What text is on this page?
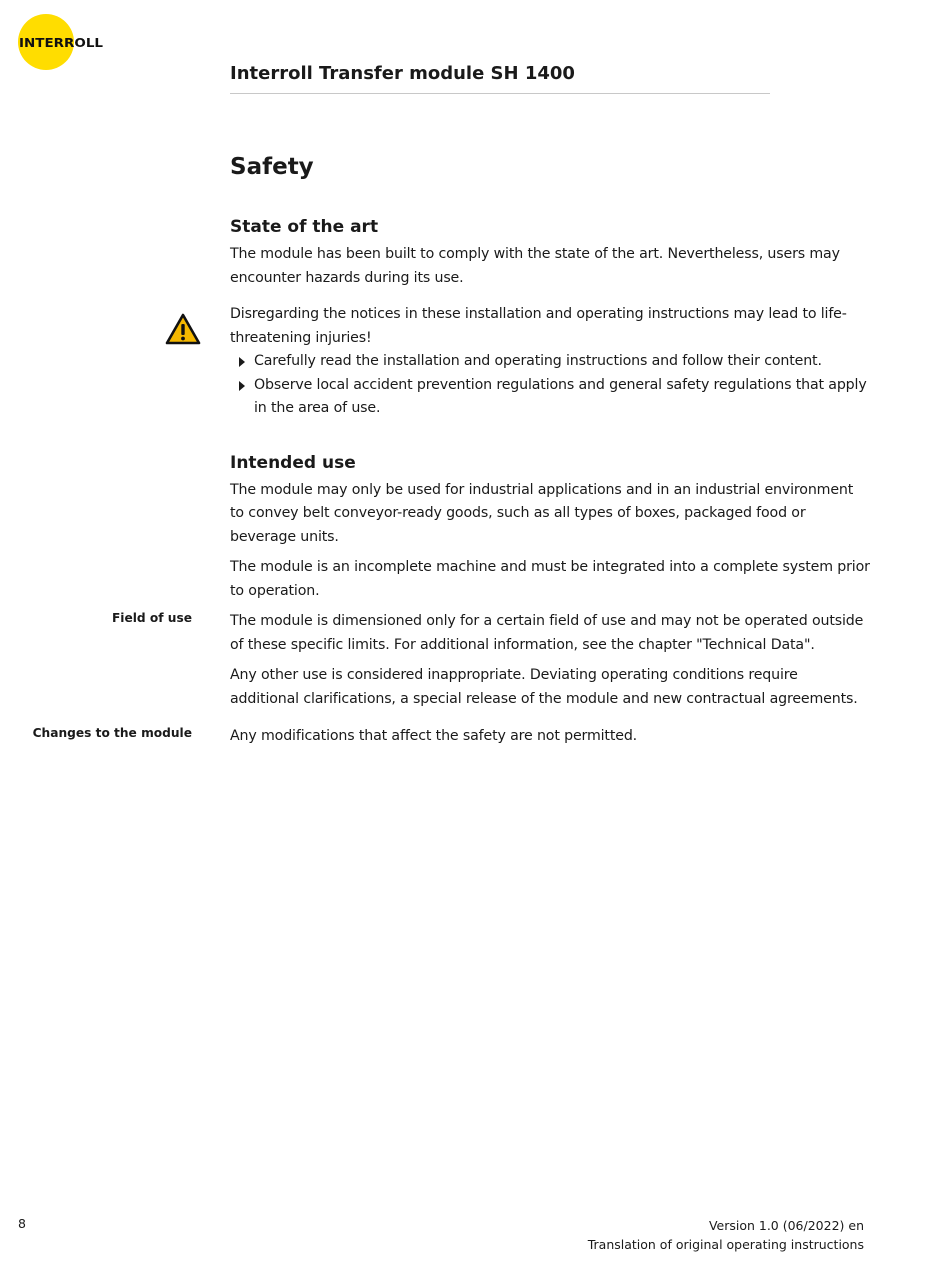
INTERROLL
Interroll Transfer module SH 1400
Safety
State of the art

The module has been built to comply with the state of the art. Nevertheless, users may encounter hazards during its use.

Disregarding the notices in these installation and operating instructions may lead to life-threatening injuries!

Carefully read the installation and operating instructions and follow their content.
Observe local accident prevention regulations and general safety regulations that apply in the area of use.
Intended use

The module may only be used for industrial applications and in an industrial environment to convey belt conveyor-ready goods, such as all types of boxes, packaged food or beverage units.

The module is an incomplete machine and must be integrated into a complete system prior to operation.

Field of use	The module is dimensioned only for a certain field of use and may not be operated outside of these specific limits. For additional information, see the chapter "Technical Data".

Any other use is considered inappropriate. Deviating operating conditions require additional clarifications, a special release of the module and new contractual agreements.

Changes to the module	Any modifications that affect the safety are not permitted.

8	Version 1.0 (06/2022) en
Translation of original operating instructions
